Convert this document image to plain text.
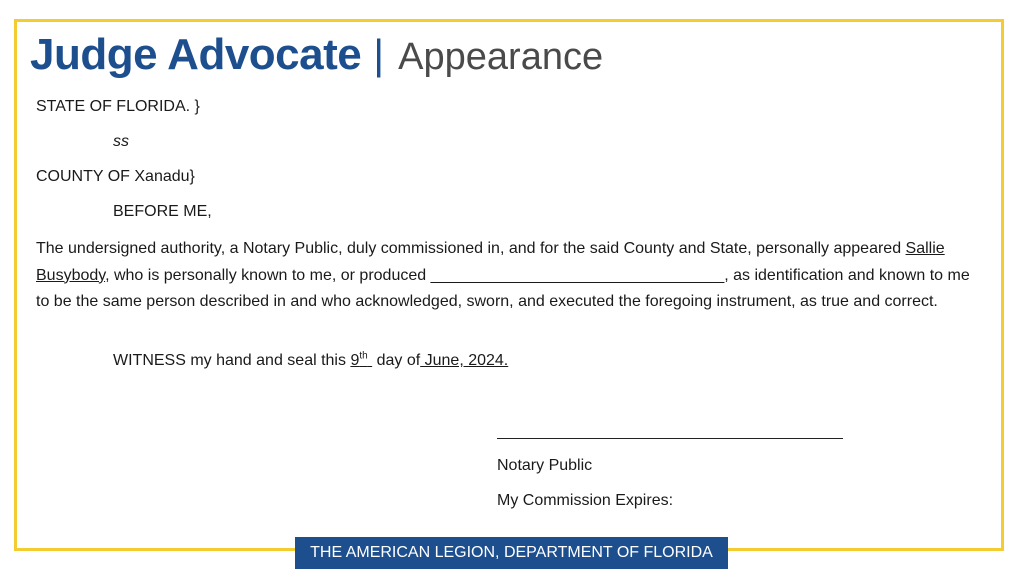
Judge Advocate | Appearance
STATE OF FLORIDA. }
ss
COUNTY OF Xanadu}
BEFORE ME,
The undersigned authority, a Notary Public, duly commissioned in, and for the said County and State, personally appeared Sallie Busybody, who is personally known to me, or produced _________________________________, as identification and known to me to be the same person described in and who acknowledged, sworn, and executed the foregoing instrument, as true and correct.
WITNESS my hand and seal this 9th  day of June, 2024.
Notary Public
My Commission Expires:
THE AMERICAN LEGION, DEPARTMENT OF FLORIDA
